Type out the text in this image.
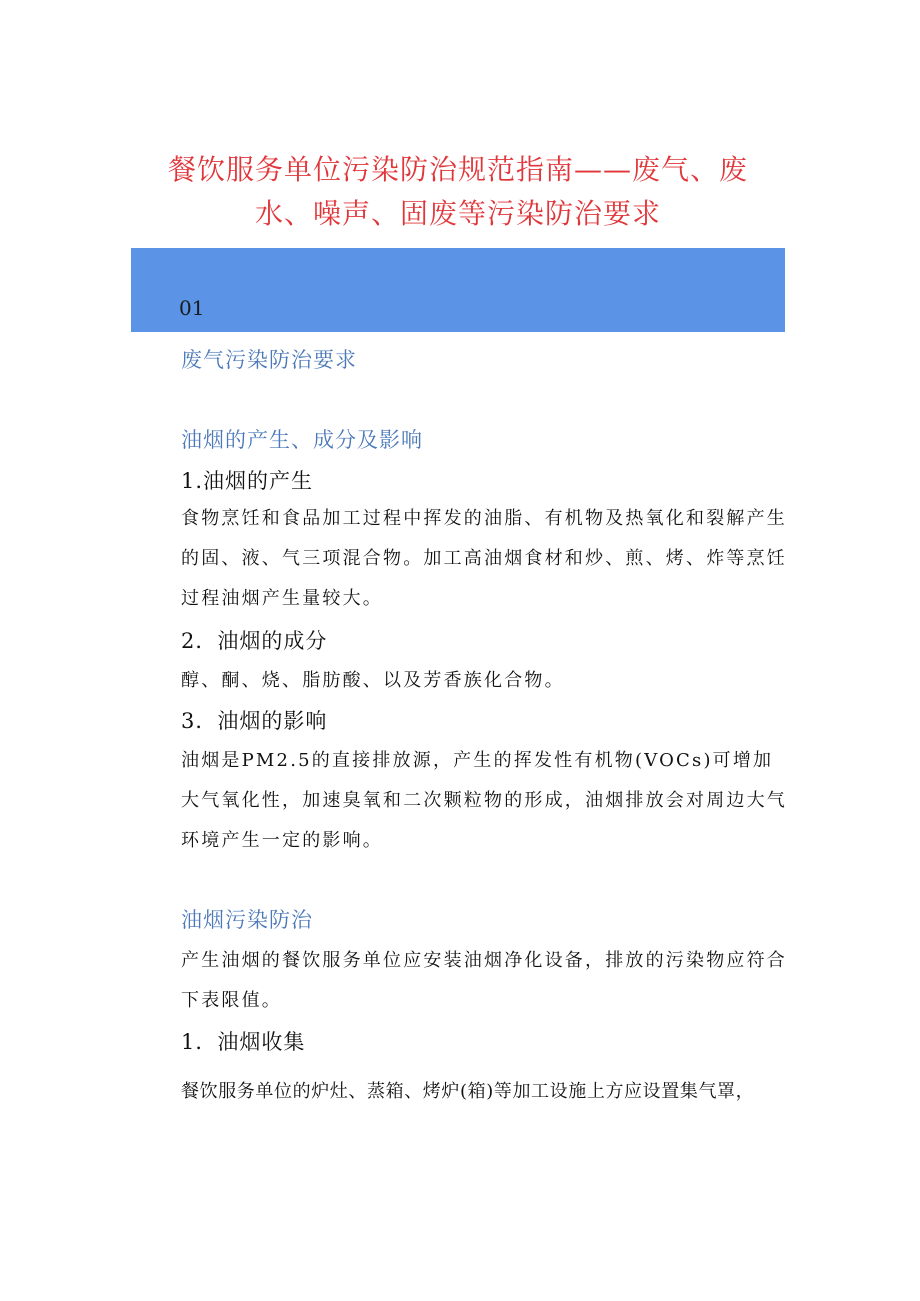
餐饮服务单位污染防治规范指南——废气、废
水、噪声、固废等污染防治要求
01
废气污染防治要求
油烟的产生、成分及影响
1.油烟的产生
食物烹饪和食品加工过程中挥发的油脂、有机物及热氧化和裂解产生的固、液、气三项混合物。加工高油烟食材和炒、煎、烤、炸等烹饪过程油烟产生量较大。
2．油烟的成分
醇、酮、烧、脂肪酸、以及芳香族化合物。
3．油烟的影响
油烟是PM2.5的直接排放源，产生的挥发性有机物(VOCs)可增加大气氧化性，加速臭氧和二次颗粒物的形成，油烟排放会对周边大气环境产生一定的影响。
油烟污染防治
产生油烟的餐饮服务单位应安装油烟净化设备，排放的污染物应符合下表限值。
1．油烟收集
餐饮服务单位的炉灶、蒸箱、烤炉(箱)等加工设施上方应设置集气罩，
